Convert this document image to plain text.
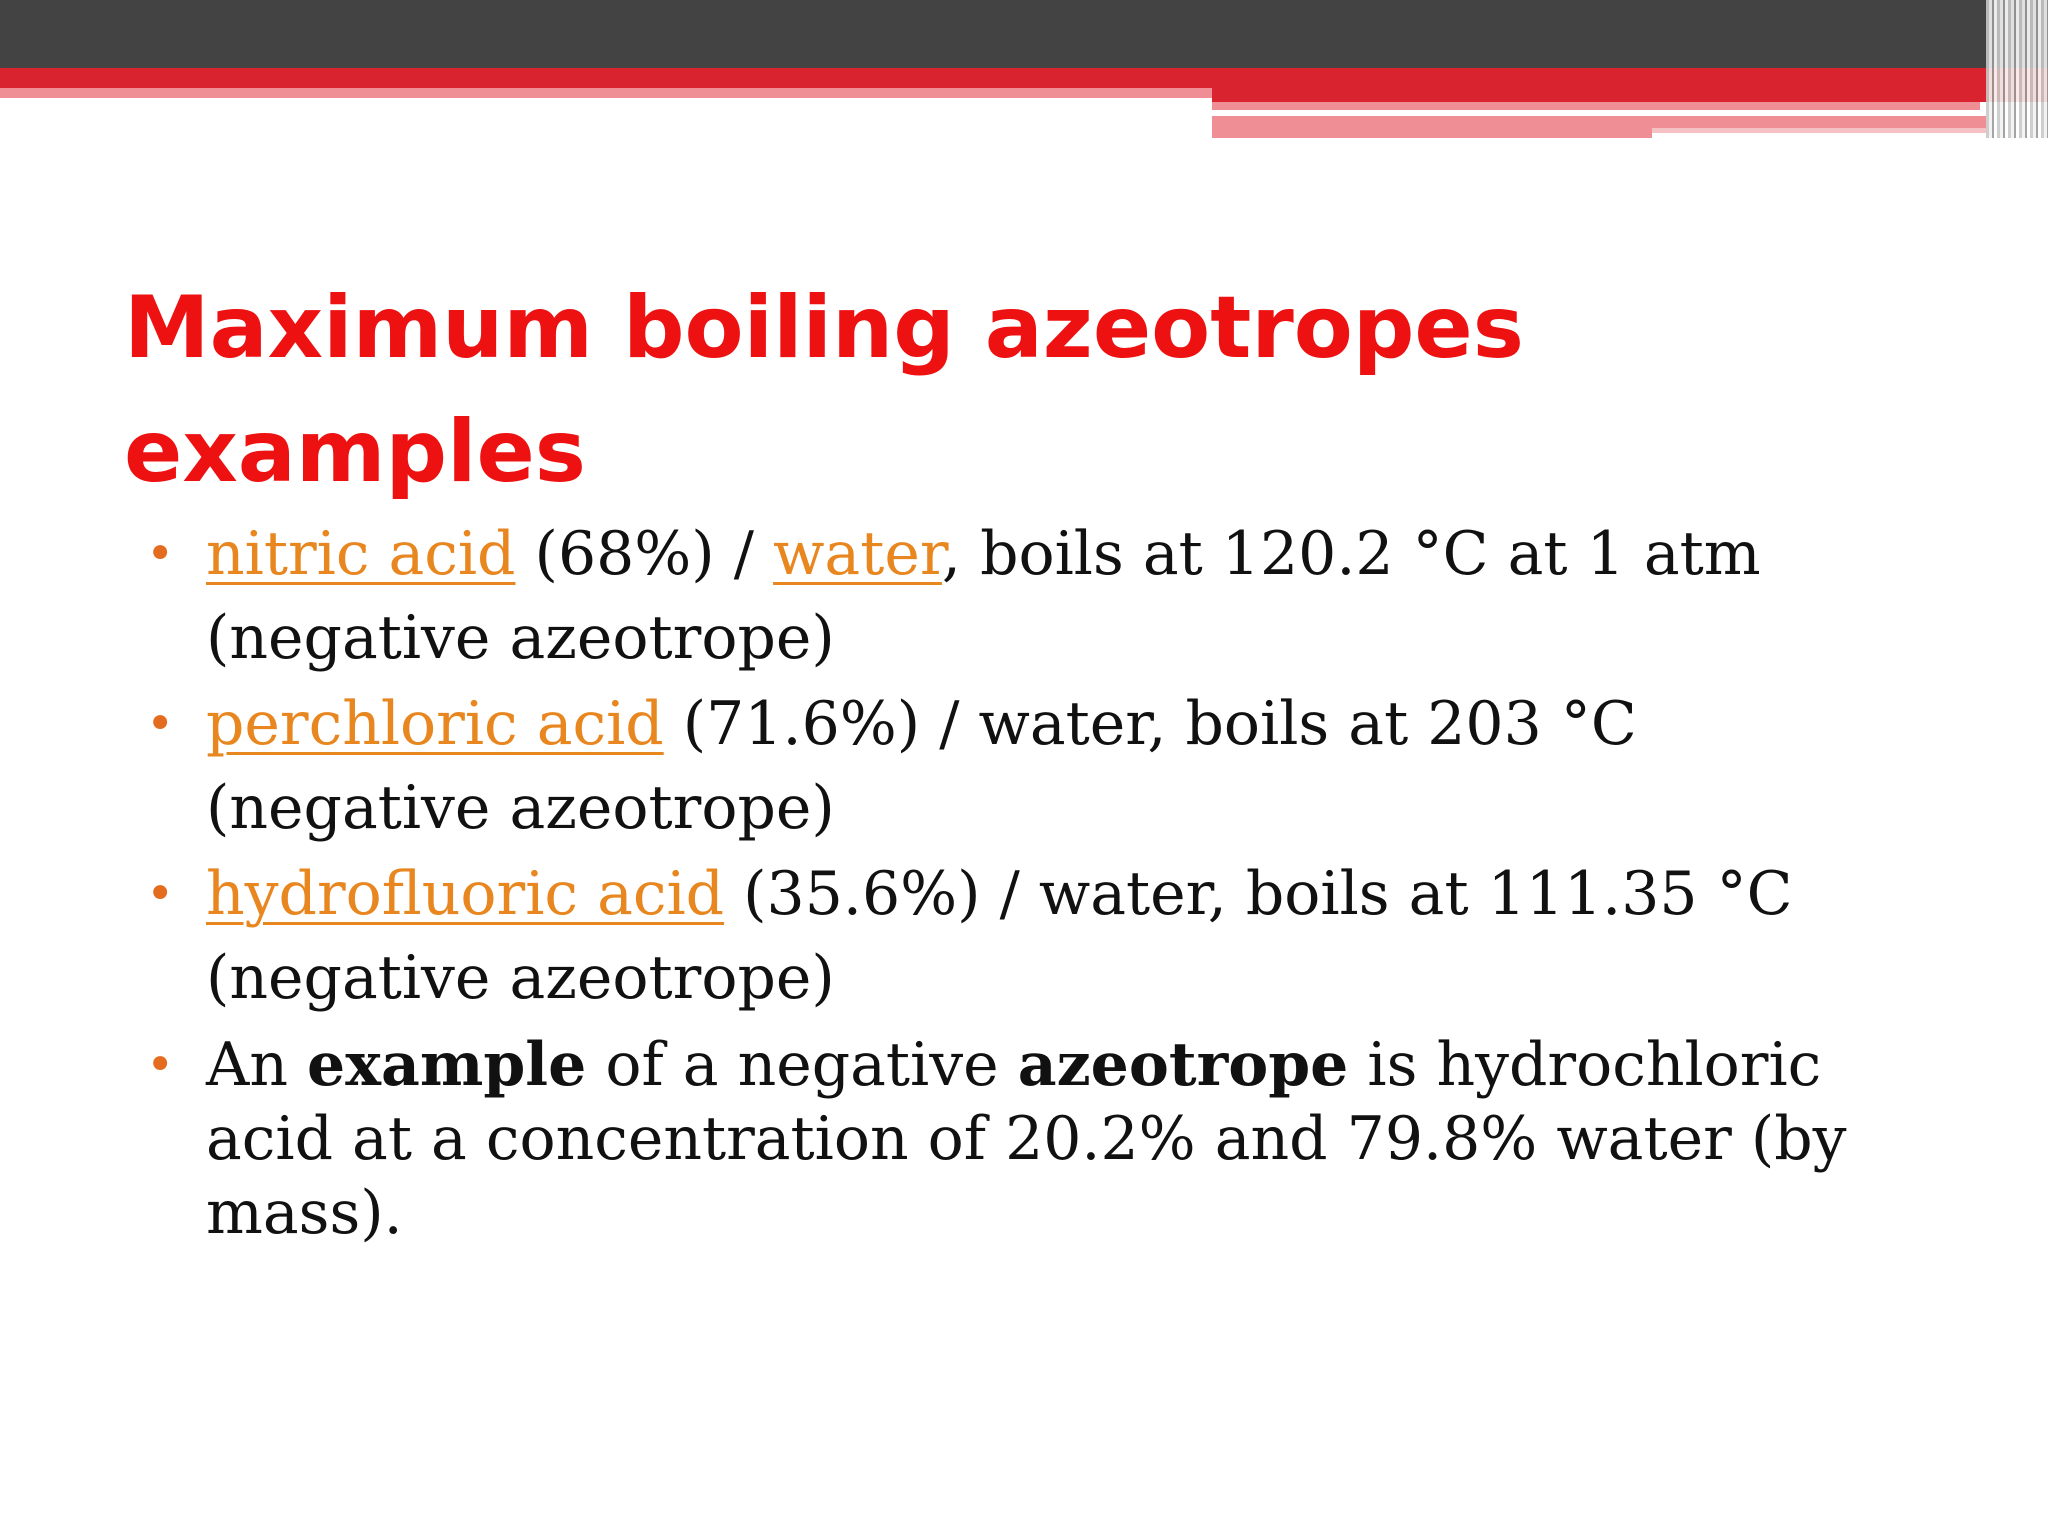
Maximum boiling azeotropes examples
• nitric acid (68%) / water, boils at 120.2 °C at 1 atm (negative azeotrope)
• perchloric acid (71.6%) / water, boils at 203 °C (negative azeotrope)
• hydrofluoric acid (35.6%) / water, boils at 111.35 °C (negative azeotrope)
• An example of a negative azeotrope is hydrochloric acid at a concentration of 20.2% and 79.8% water (by mass).
